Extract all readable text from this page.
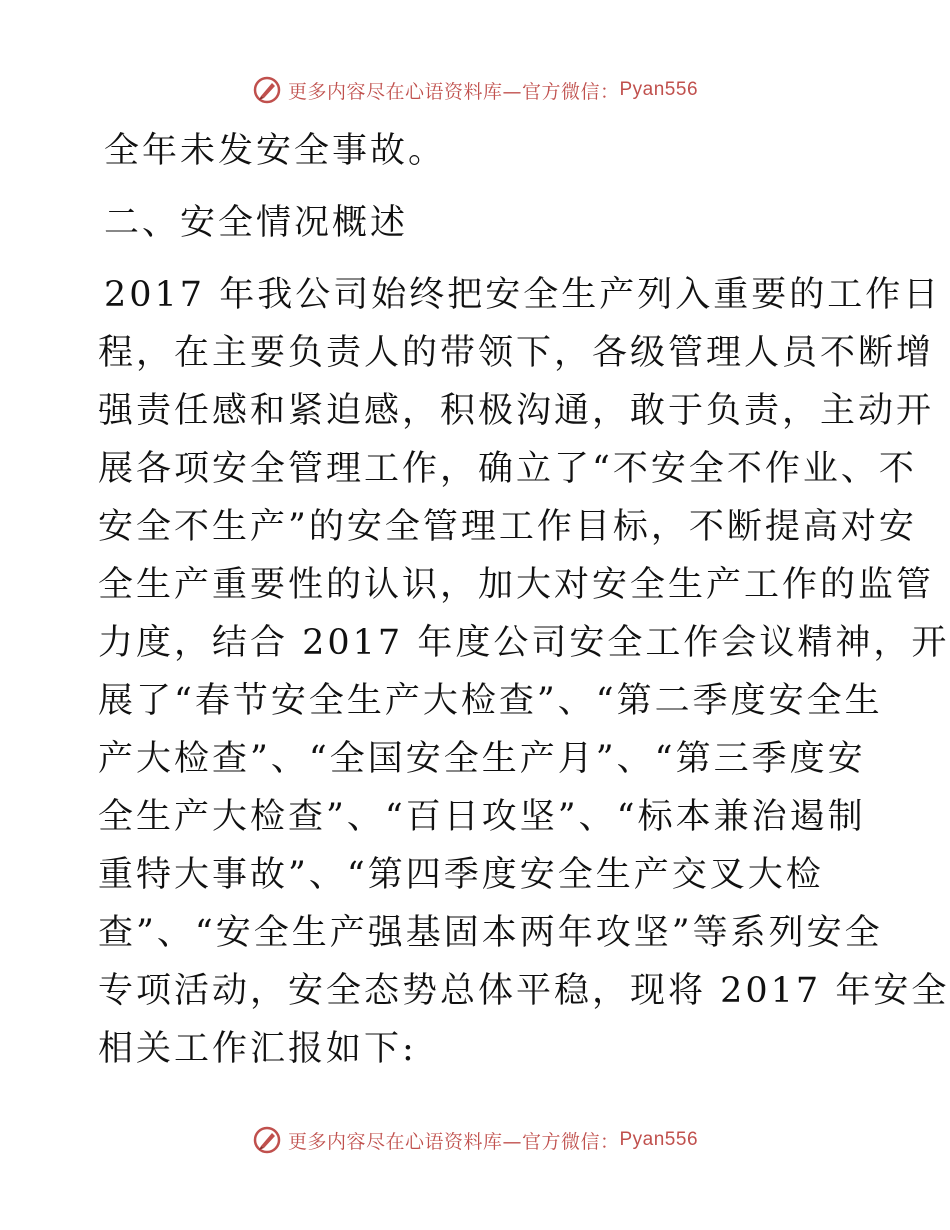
更多内容尽在心语资料库—官方微信： Pyan556
全年未发安全事故。
二、安全情况概述
2017 年我公司始终把安全生产列入重要的工作日
程，在主要负责人的带领下，各级管理人员不断增
强责任感和紧迫感，积极沟通，敢于负责，主动开
展各项安全管理工作，确立了“不安全不作业、不
安全不生产”的安全管理工作目标，不断提高对安
全生产重要性的认识，加大对安全生产工作的监管
力度，结合 2017 年度公司安全工作会议精神，开
展了“春节安全生产大检查”、“第二季度安全生
产大检查”、“全国安全生产月”、“第三季度安
全生产大检查”、“百日攻坚”、“标本兼治遏制
重特大事故”、“第四季度安全生产交叉大检
查”、“安全生产强基固本两年攻坚”等系列安全
专项活动，安全态势总体平稳，现将 2017 年安全
相关工作汇报如下:
更多内容尽在心语资料库—官方微信： Pyan556
